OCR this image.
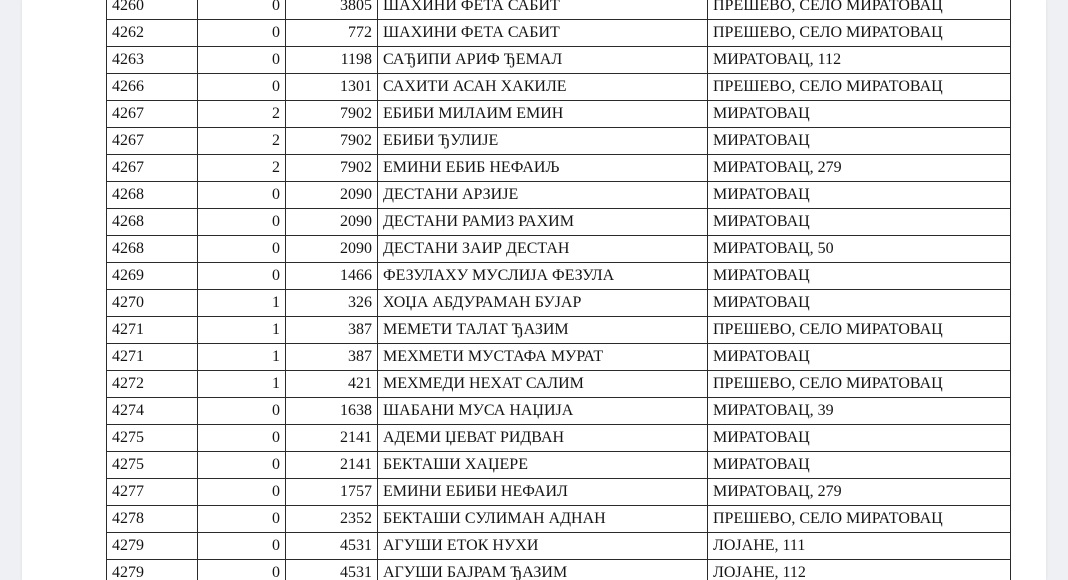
4260	0	3805	ШАХИНИ ФЕТА САБИТ	ПРЕШЕВО, СЕЛО МИРАТОВАЦ
4262	0	772	ШАХИНИ ФЕТА САБИТ	ПРЕШЕВО, СЕЛО МИРАТОВАЦ
4263	0	1198	САЂИПИ АРИФ ЂЕМАЛ	МИРАТОВАЦ, 112
4266	0	1301	САХИТИ АСАН ХАКИЛЕ	ПРЕШЕВО, СЕЛО МИРАТОВАЦ
4267	2	7902	ЕБИБИ МИЛАИМ ЕМИН	МИРАТОВАЦ
4267	2	7902	ЕБИБИ ЂУЛИЈЕ	МИРАТОВАЦ
4267	2	7902	ЕМИНИ ЕБИБ НЕФАИЉ	МИРАТОВАЦ, 279
4268	0	2090	ДЕСТАНИ АРЗИЈЕ	МИРАТОВАЦ
4268	0	2090	ДЕСТАНИ РАМИЗ РАХИМ	МИРАТОВАЦ
4268	0	2090	ДЕСТАНИ ЗАИР ДЕСТАН	МИРАТОВАЦ, 50
4269	0	1466	ФЕЗУЛАХУ МУСЛИЈА ФЕЗУЛА	МИРАТОВАЦ
4270	1	326	ХОЏА АБДУРАМАН БУЈАР	МИРАТОВАЦ
4271	1	387	МЕМЕТИ ТАЛАТ ЂАЗИМ	ПРЕШЕВО, СЕЛО МИРАТОВАЦ
4271	1	387	МЕХМЕТИ МУСТАФА МУРАТ	МИРАТОВАЦ
4272	1	421	МЕХМЕДИ НЕХАТ САЛИМ	ПРЕШЕВО, СЕЛО МИРАТОВАЦ
4274	0	1638	ШАБАНИ МУСА НАЏИЈА	МИРАТОВАЦ, 39
4275	0	2141	АДЕМИ ЏЕВАТ РИДВАН	МИРАТОВАЦ
4275	0	2141	БЕКТАШИ ХАЏЕРЕ	МИРАТОВАЦ
4277	0	1757	ЕМИНИ ЕБИБИ НЕФАИЛ	МИРАТОВАЦ, 279
4278	0	2352	БЕКТАШИ СУЛИМАН АДНАН	ПРЕШЕВО, СЕЛО МИРАТОВАЦ
4279	0	4531	АГУШИ ЕТОК НУХИ	ЛОЈАНЕ, 111
4279	0	4531	АГУШИ БАЈРАМ ЂАЗИМ	ЛОЈАНЕ, 112
